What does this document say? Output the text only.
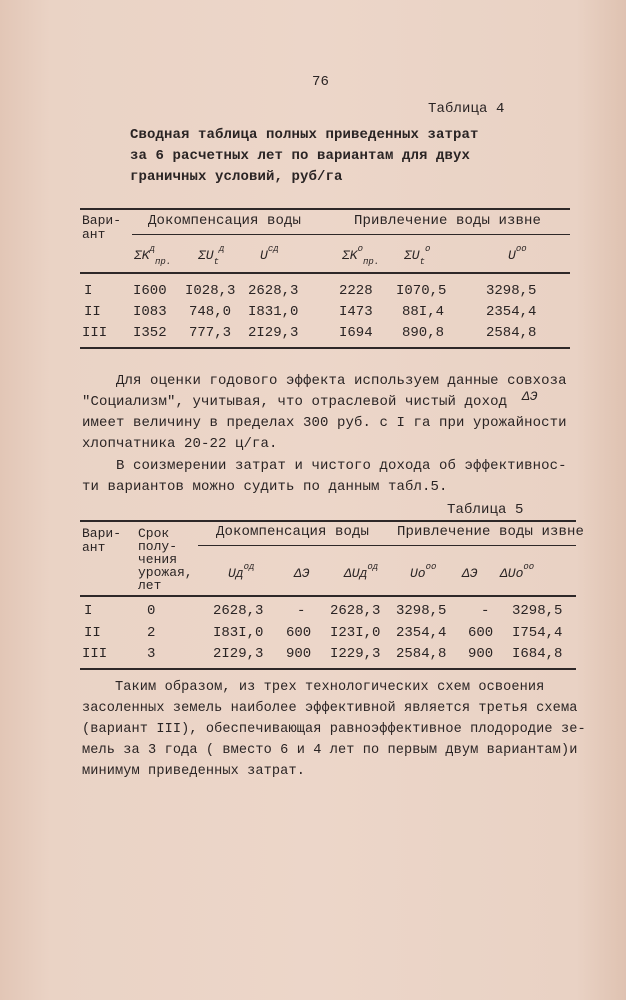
76
Таблица 4
Сводная таблица полных приведенных затрат
за 6 расчетных лет по вариантам для двух
граничных условий, руб/га
Вари-
ант
Докомпенсация воды	Привлечение воды извне
$\Sigma K^д_{пр.}$ $\Sigma U_t^д$	$U^{cд}$	$\Sigma K^о_{пр.}$ $\Sigma U_t^о$	$U^{оо}$
I	I600 I028,3 2628,3	2228 I070,5	3298,5
II I083 748,0 I831,0	I473 88I,4	2354,4
III I352 777,3 2I29,3	I694 890,8	2584,8
Для оценки годового эффекта используем данные совхоза
"Социализм", учитывая, что отраслевой чистый доход ΔЭ
имеет величину в пределах 300 руб. с I га при урожайности
хлопчатника 20-22 ц/га.
В соизмерении затрат и чистого дохода об эффективнос-
ти вариантов можно судить по данным табл.5.
Таблица 5
Вари-
ант
Срок
полу-
чения
урожая,
лет
Докомпенсация воды Привлечение воды извне
$Uд^{од}$	ΔЭ	ΔUд$^{од}$ $Uо^{оо}$ ΔЭ ΔUо$^{оо}$
I	0	2628,3 - 2628,3 3298,5 - 3298,5
II	2	I83I,0 600 I23I,0 2354,4 600 I754,4
III	3	2I29,3 900 I229,3 2584,8 900 I684,8
Таким образом, из трех технологических схем освоения
засоленных земель наиболее эффективной является третья схема
(вариант III), обеспечивающая равноэффективное плодородие зе-
мель за 3 года ( вместо 6 и 4 лет по первым двум вариантам)и
минимум приведенных затрат.
